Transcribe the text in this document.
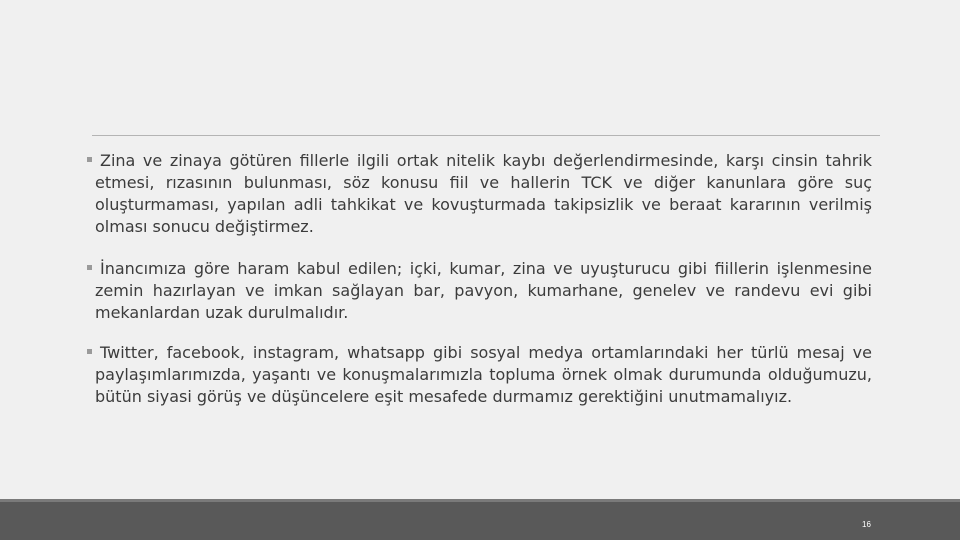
Zina ve zinaya götüren fillerle ilgili ortak nitelik kaybı değerlendirmesinde, karşı cinsin tahrik etmesi, rızasının bulunması, söz konusu fiil ve hallerin TCK ve diğer kanunlara göre suç oluşturmaması, yapılan adli tahkikat ve kovuşturmada takipsizlik ve beraat kararının verilmiş olması sonucu değiştirmez.
İnancımıza göre haram kabul edilen; içki, kumar, zina ve uyuşturucu gibi fiillerin işlenmesine zemin hazırlayan ve imkan sağlayan bar, pavyon, kumarhane, genelev ve randevu evi gibi mekanlardan uzak durulmalıdır.
Twitter, facebook, instagram, whatsapp gibi sosyal medya ortamlarındaki her türlü mesaj ve paylaşımlarımızda, yaşantı ve konuşmalarımızla topluma örnek olmak durumunda olduğumuzu, bütün siyasi görüş ve düşüncelere eşit mesafede durmamız gerektiğini unutmamalıyız.
16
